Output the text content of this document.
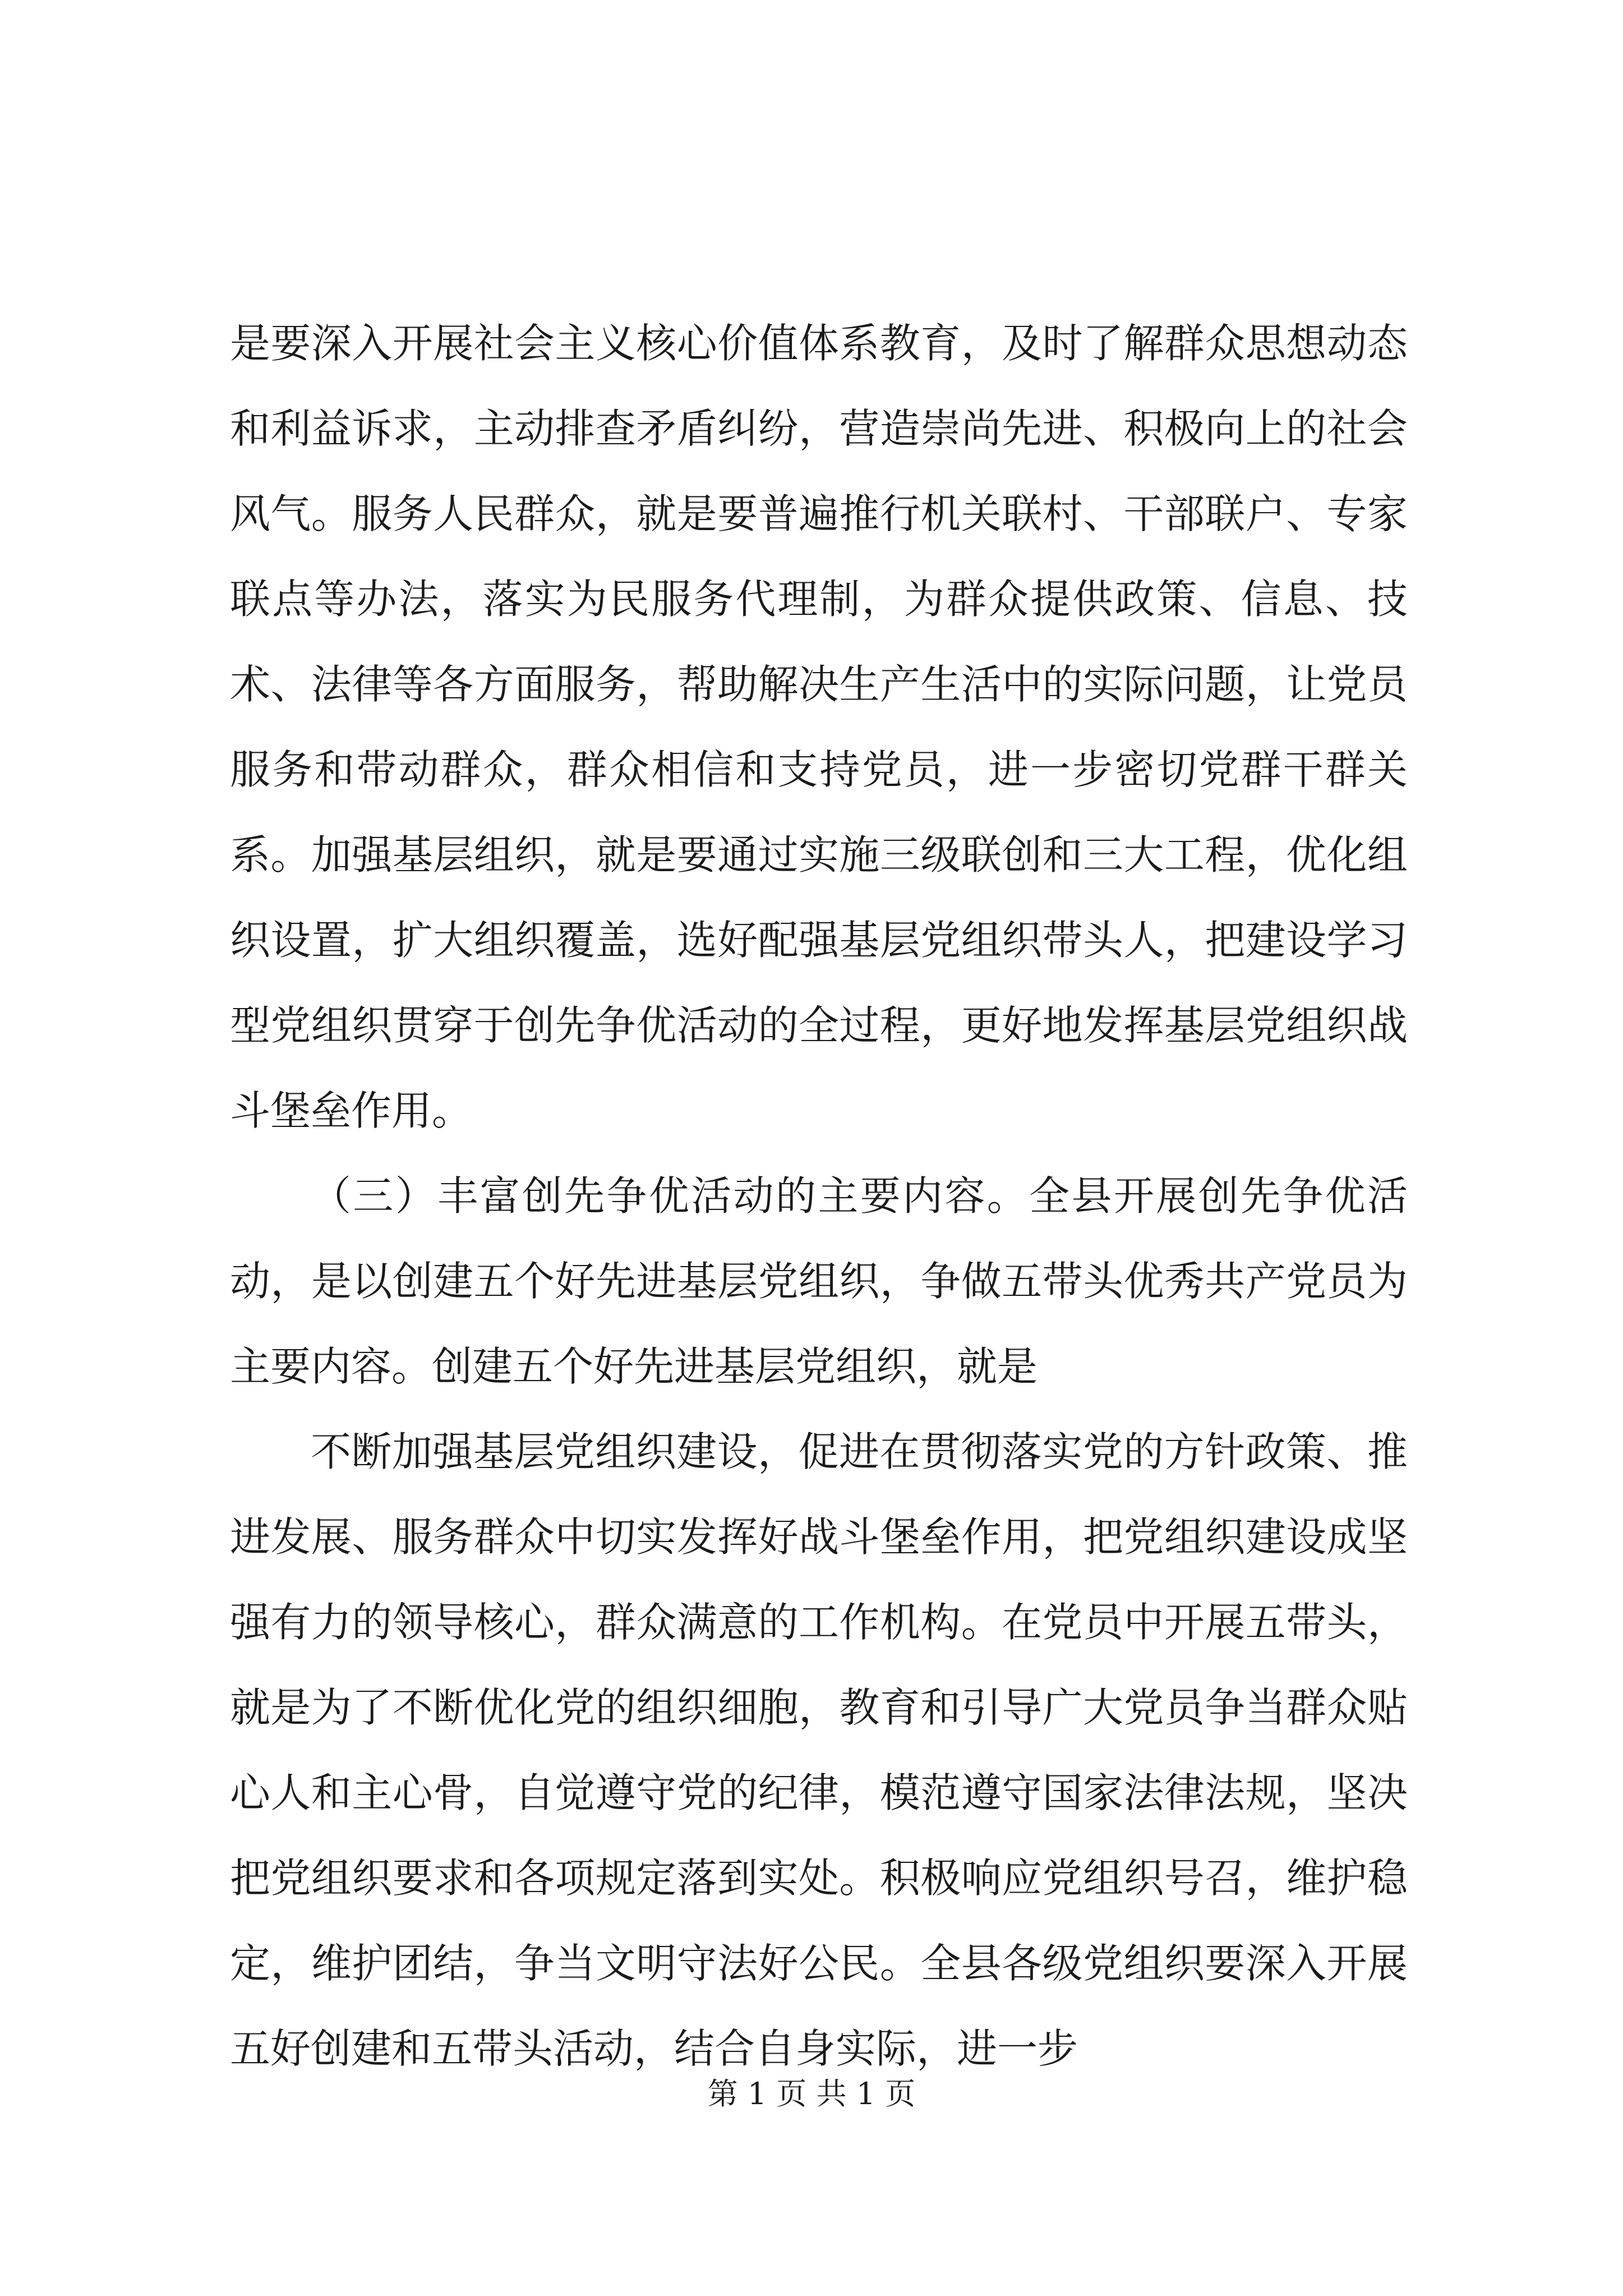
是要深入开展社会主义核心价值体系教育，及时了解群众思想动态和利益诉求，主动排查矛盾纠纷，营造崇尚先进、积极向上的社会风气。服务人民群众，就是要普遍推行机关联村、干部联户、专家联点等办法，落实为民服务代理制，为群众提供政策、信息、技术、法律等各方面服务，帮助解决生产生活中的实际问题，让党员服务和带动群众，群众相信和支持党员，进一步密切党群干群关系。加强基层组织，就是要通过实施三级联创和三大工程，优化组织设置，扩大组织覆盖，选好配强基层党组织带头人，把建设学习型党组织贯穿于创先争优活动的全过程，更好地发挥基层党组织战斗堡垒作用。

（三）丰富创先争优活动的主要内容。全县开展创先争优活动，是以创建五个好先进基层党组织，争做五带头优秀共产党员为主要内容。创建五个好先进基层党组织，就是

不断加强基层党组织建设，促进在贯彻落实党的方针政策、推进发展、服务群众中切实发挥好战斗堡垒作用，把党组织建设成坚强有力的领导核心，群众满意的工作机构。在党员中开展五带头，就是为了不断优化党的组织细胞，教育和引导广大党员争当群众贴心人和主心骨，自觉遵守党的纪律，模范遵守国家法律法规，坚决把党组织要求和各项规定落到实处。积极响应党组织号召，维护稳定，维护团结，争当文明守法好公民。全县各级党组织要深入开展五好创建和五带头活动，结合自身实际，进一步

第 1 页 共 1 页
